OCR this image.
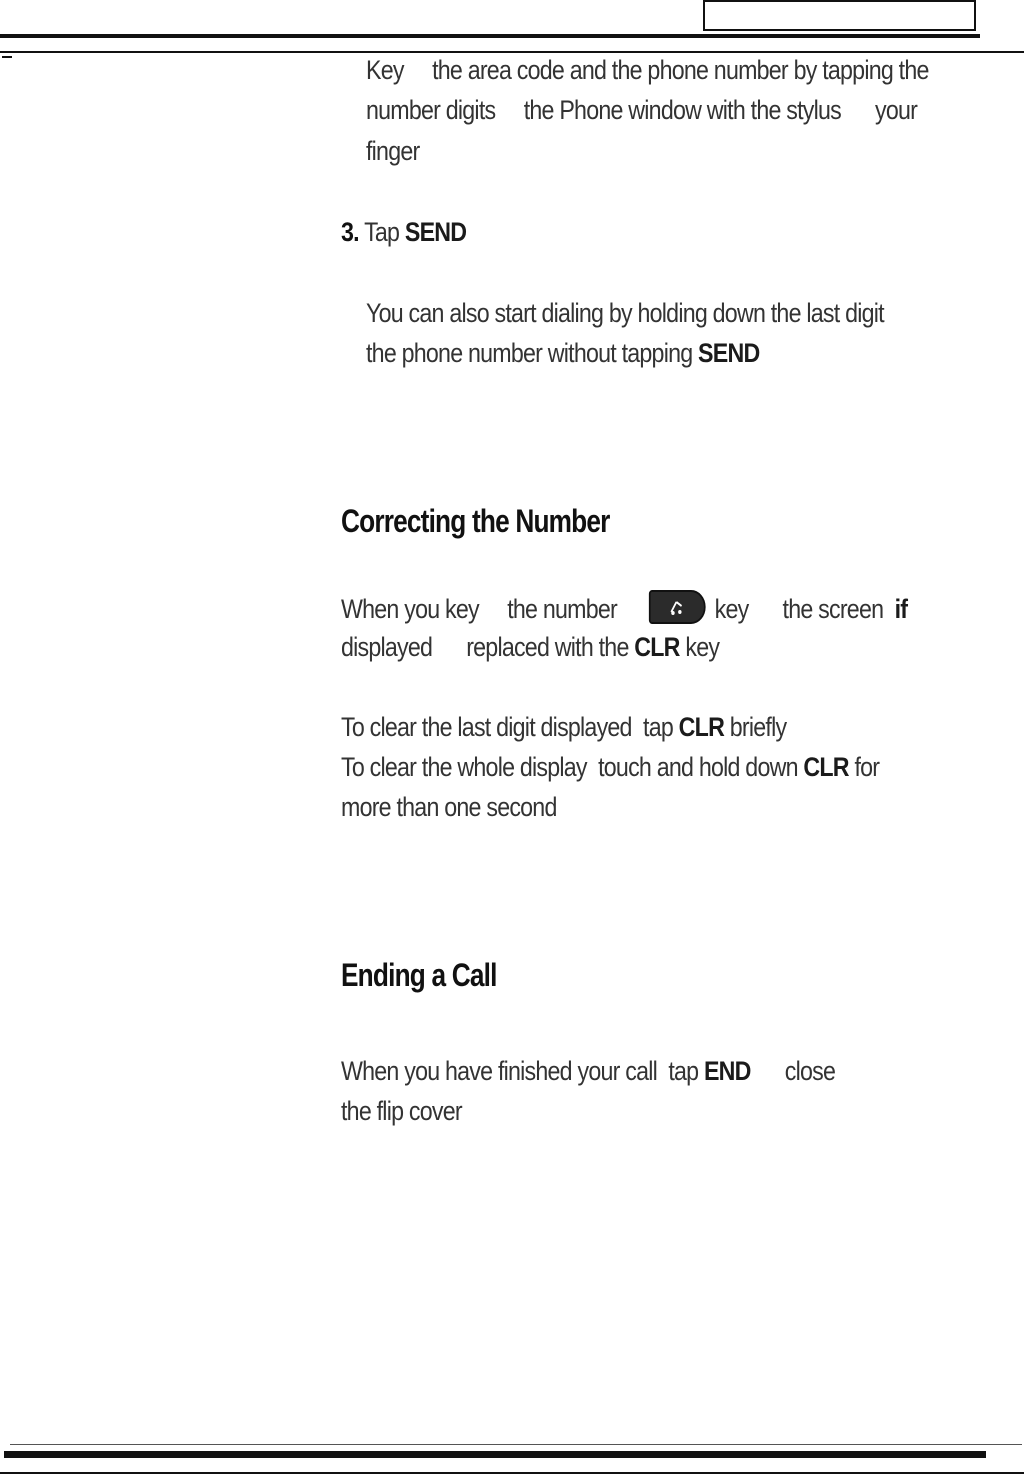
Key     the area code and the phone number by tapping the
number digits     the Phone window with the stylus      your
finger
3. Tap SEND
You can also start dialing by holding down the last digit
the phone number without tapping SEND
Correcting the Number
When you key     the number
key      the screen  if
displayed      replaced with the CLR key
To clear the last digit displayed  tap CLR briefly
To clear the whole display  touch and hold down CLR for
more than one second
Ending a Call
When you have finished your call  tap END      close
the flip cover
